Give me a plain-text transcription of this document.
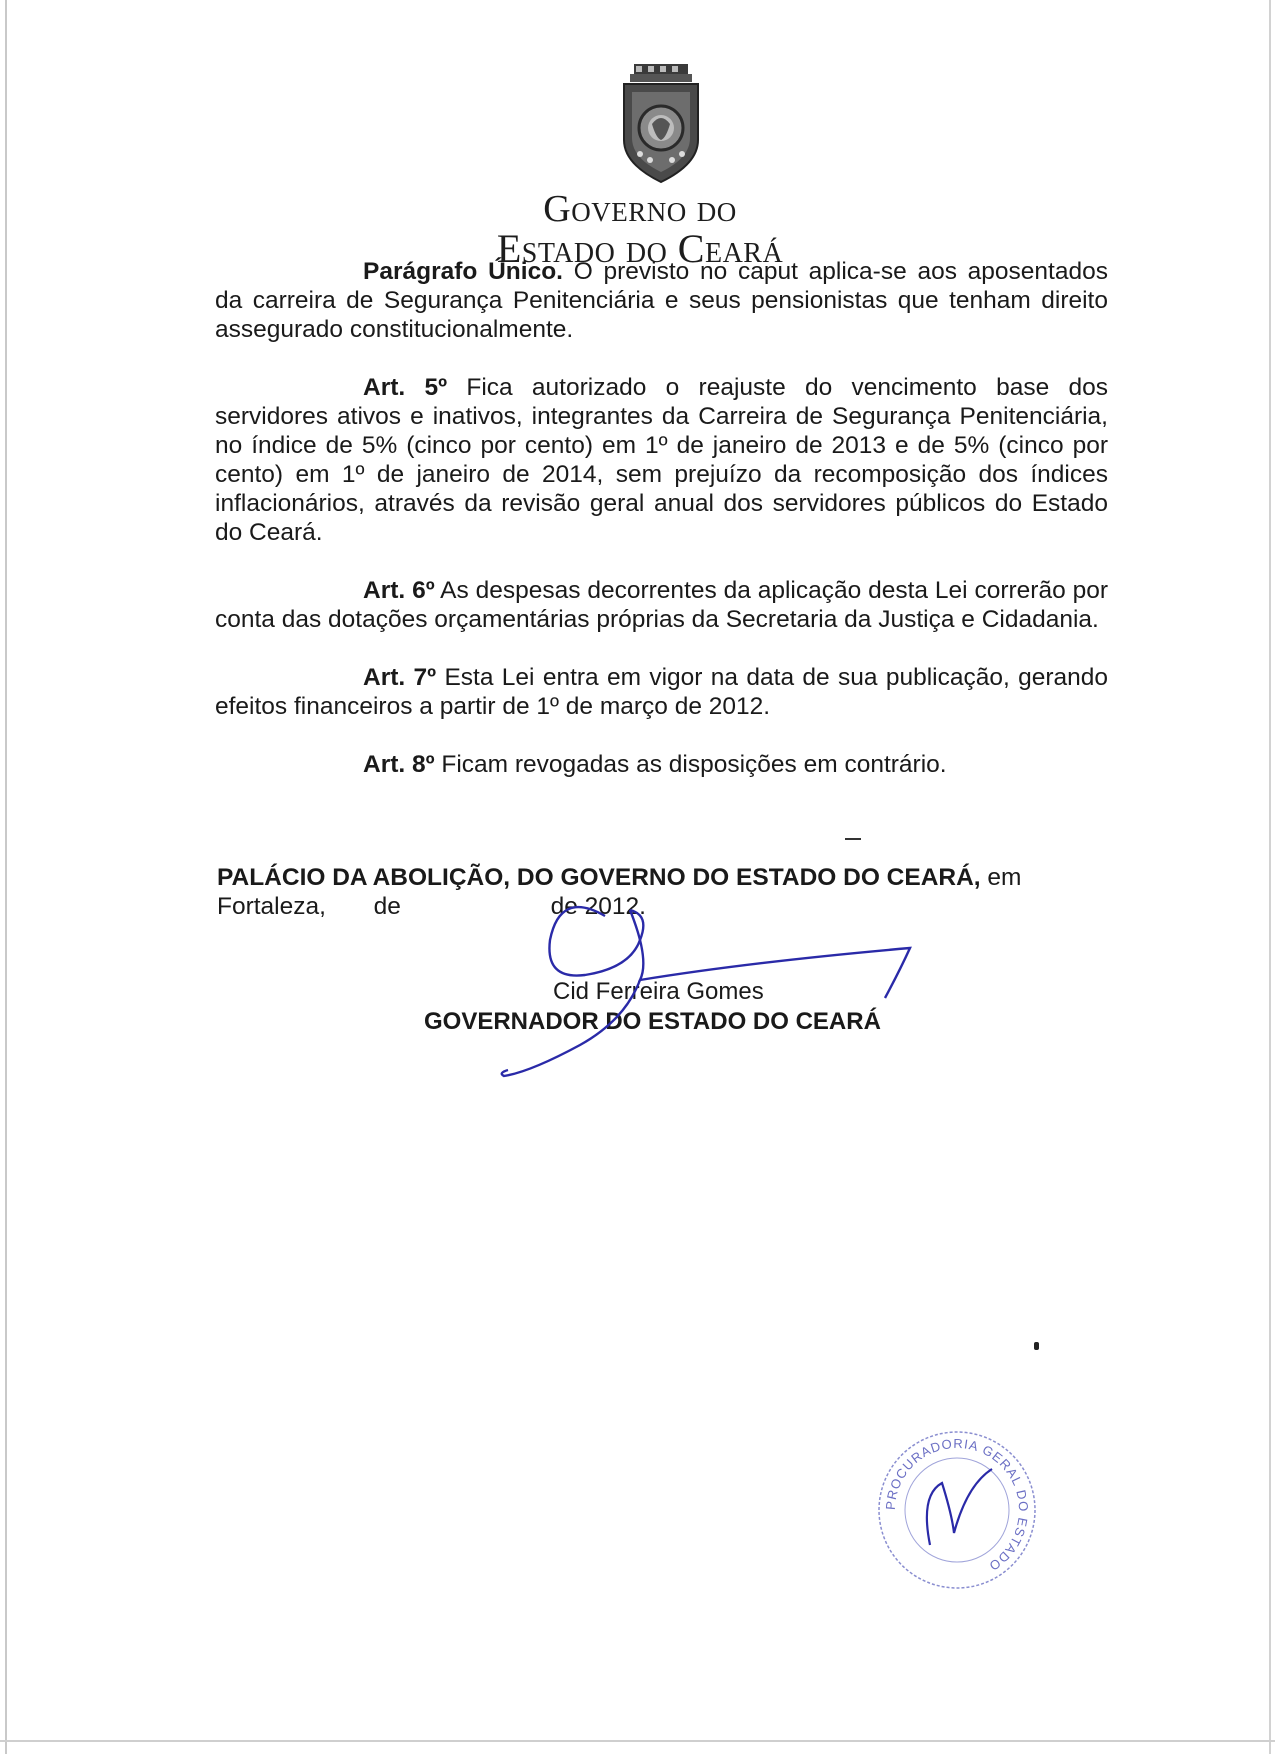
Governo do
Estado do Ceará

Parágrafo Único. O previsto no caput aplica-se aos aposentados da carreira de Segurança Penitenciária e seus pensionistas que tenham direito assegurado constitucionalmente.

Art. 5º Fica autorizado o reajuste do vencimento base dos servidores ativos e inativos, integrantes da Carreira de Segurança Penitenciária, no índice de 5% (cinco por cento) em 1º de janeiro de 2013 e de 5% (cinco por cento) em 1º de janeiro de 2014, sem prejuízo da recomposição dos índices inflacionários, através da revisão geral anual dos servidores públicos do Estado do Ceará.

Art. 6º As despesas decorrentes da aplicação desta Lei correrão por conta das dotações orçamentárias próprias da Secretaria da Justiça e Cidadania.

Art. 7º Esta Lei entra em vigor na data de sua publicação, gerando efeitos financeiros a partir de 1º de março de 2012.

Art. 8º Ficam revogadas as disposições em contrário.

PALÁCIO DA ABOLIÇÃO, DO GOVERNO DO ESTADO DO CEARÁ, em

Fortaleza,       de                      de 2012.

Cid Ferreira Gomes
GOVERNADOR DO ESTADO DO CEARÁ
PROCURADORIA GERAL DO ESTADO
